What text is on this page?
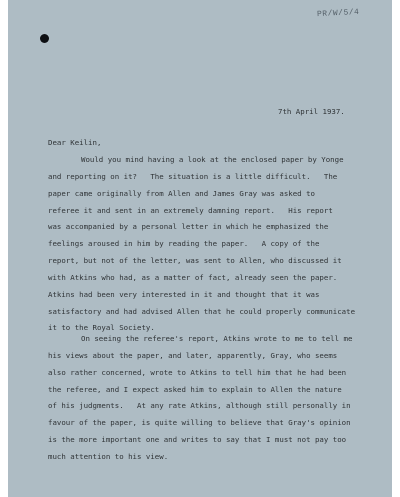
PR/W/5/4
7th April 1937.
Dear Keilin,
Would you mind having a look at the enclosed paper by Yonge
and reporting on it?   The situation is a little difficult.   The
paper came originally from Allen and James Gray was asked to
referee it and sent in an extremely damning report.   His report
was accompanied by a personal letter in which he emphasized the
feelings aroused in him by reading the paper.   A copy of the
report, but not of the letter, was sent to Allen, who discussed it
with Atkins who had, as a matter of fact, already seen the paper.
Atkins had been very interested in it and thought that it was
satisfactory and had advised Allen that he could properly communicate
it to the Royal Society.
On seeing the referee's report, Atkins wrote to me to tell me
his views about the paper, and later, apparently, Gray, who seems
also rather concerned, wrote to Atkins to tell him that he had been
the referee, and I expect asked him to explain to Allen the nature
of his judgments.   At any rate Atkins, although still personally in
favour of the paper, is quite willing to believe that Gray's opinion
is the more important one and writes to say that I must not pay too
much attention to his view.
